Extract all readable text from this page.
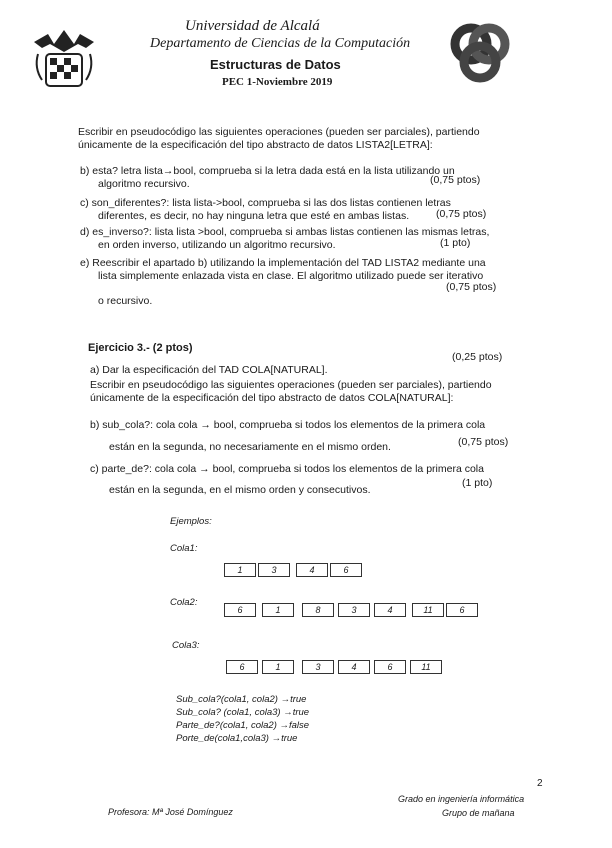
Universidad de Alcalá
Departamento de Ciencias de la Computación
Estructuras de Datos
PEC 1-Noviembre 2019
Escribir en pseudocódigo las siguientes operaciones (pueden ser parciales), partiendo
únicamente de la especificación del tipo abstracto de datos LISTA2[LETRA]:
b) esta? letra lista→bool, comprueba si la letra dada está en la lista utilizando un
algoritmo recursivo.	(0,75 ptos)
c) son_diferentes?: lista lista->bool, comprueba si las dos listas contienen letras
diferentes, es decir, no hay ninguna letra que esté en ambas listas.	(0,75 ptos)
d) es_inverso?: lista lista >bool, comprueba si ambas listas contienen las mismas letras,
(1 pto)
en orden inverso, utilizando un algoritmo recursivo.
e) Reescribir el apartado b) utilizando la implementación del TAD LISTA2 mediante una
lista simplemente enlazada vista en clase. El algoritmo utilizado puede ser iterativo
(0,75 ptos)
o recursivo.
Ejercicio 3.- (2 ptos)
a) Dar la especificación del TAD COLA[NATURAL].
(0,25 ptos)
Escribir en pseudocódigo las siguientes operaciones (pueden ser parciales), partiendo
únicamente de la especificación del tipo abstracto de datos COLA[NATURAL]:
b) sub_cola?: cola cola → bool, comprueba si todos los elementos de la primera cola
están en la segunda, no necesariamente en el mismo orden.	(0,75 ptos)
c) parte_de?: cola cola → bool, comprueba si todos los elementos de la primera cola
están en la segunda, en el mismo orden y consecutivos.
(1 pto)
Ejemplos:
Cola1:
1	3	4	6
Cola2:
6	1	8	3	4	11	6
Cola3:
6	1	3	4	6	11
Sub_cola?(cola1, cola2) →true
Sub_cola? (cola1, cola3) →true
Parte_de?(cola1, cola2) →false
Porte_de(cola1,cola3) →true
2
Profesora: Mª José Domínguez
Grado en ingeniería informática
Grupo de mañana
